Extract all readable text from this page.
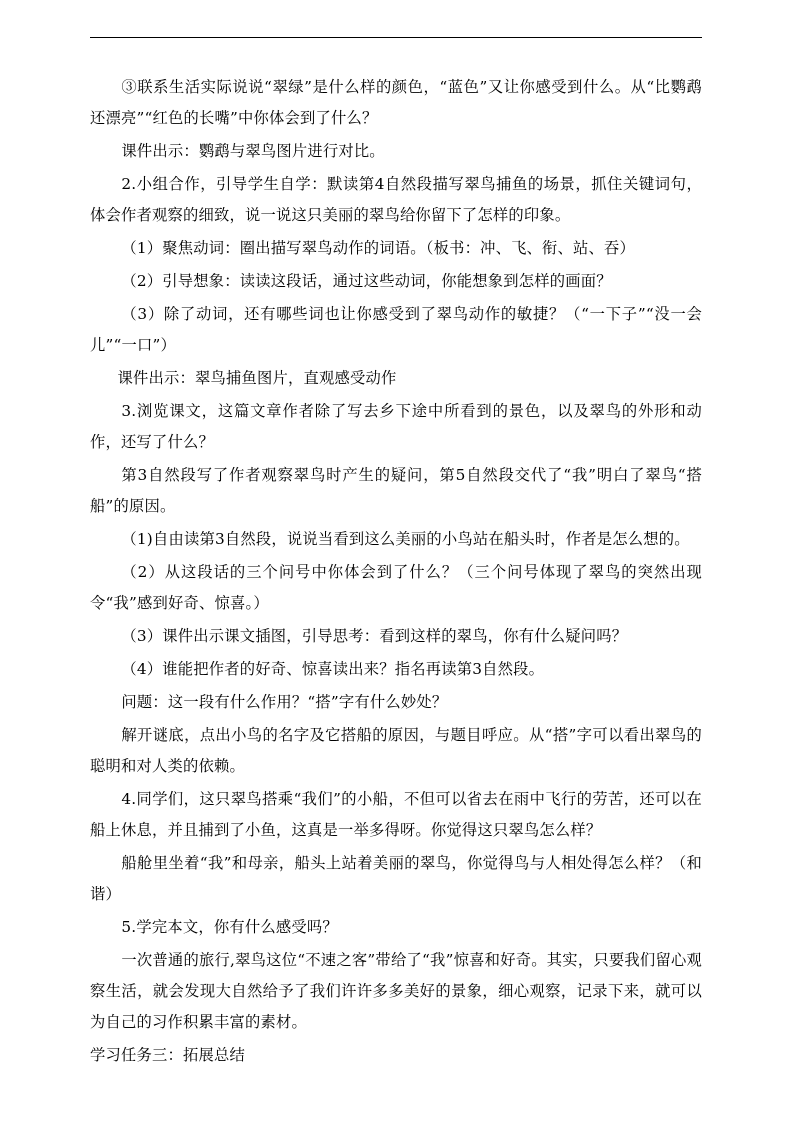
③联系生活实际说说“翠绿”是什么样的颜色，“蓝色”又让你感受到什么。从“比鹦鹉还漂亮”“红色的长嘴”中你体会到了什么？

课件出示：鹦鹉与翠鸟图片进行对比。

2.小组合作，引导学生自学：默读第4自然段描写翠鸟捕鱼的场景，抓住关键词句，体会作者观察的细致，说一说这只美丽的翠鸟给你留下了怎样的印象。

（1）聚焦动词：圈出描写翠鸟动作的词语。（板书：冲、飞、衔、站、吞）

（2）引导想象：读读这段话，通过这些动词，你能想象到怎样的画面？

（3）除了动词，还有哪些词也让你感受到了翠鸟动作的敏捷？（“一下子”“没一会儿”“一口”）

课件出示：翠鸟捕鱼图片，直观感受动作

3.浏览课文，这篇文章作者除了写去乡下途中所看到的景色，以及翠鸟的外形和动作，还写了什么？

第3自然段写了作者观察翠鸟时产生的疑问，第5自然段交代了“我”明白了翠鸟“搭船”的原因。

（1)自由读第3自然段，说说当看到这么美丽的小鸟站在船头时，作者是怎么想的。

（2）从这段话的三个问号中你体会到了什么？（三个问号体现了翠鸟的突然出现令“我”感到好奇、惊喜。）

（3）课件出示课文插图，引导思考：看到这样的翠鸟，你有什么疑问吗？

（4）谁能把作者的好奇、惊喜读出来？指名再读第3自然段。

问题：这一段有什么作用？“搭”字有什么妙处？

解开谜底，点出小鸟的名字及它搭船的原因，与题目呼应。从“搭”字可以看出翠鸟的聪明和对人类的依赖。

4.同学们，这只翠鸟搭乘“我们”的小船，不但可以省去在雨中飞行的劳苦，还可以在船上休息，并且捕到了小鱼，这真是一举多得呀。你觉得这只翠鸟怎么样？

船舱里坐着“我”和母亲，船头上站着美丽的翠鸟，你觉得鸟与人相处得怎么样？（和谐）

5.学完本文，你有什么感受吗？

一次普通的旅行,翠鸟这位“不速之客”带给了“我”惊喜和好奇。其实，只要我们留心观察生活，就会发现大自然给予了我们许许多多美好的景象，细心观察，记录下来，就可以为自己的习作积累丰富的素材。

学习任务三：拓展总结
